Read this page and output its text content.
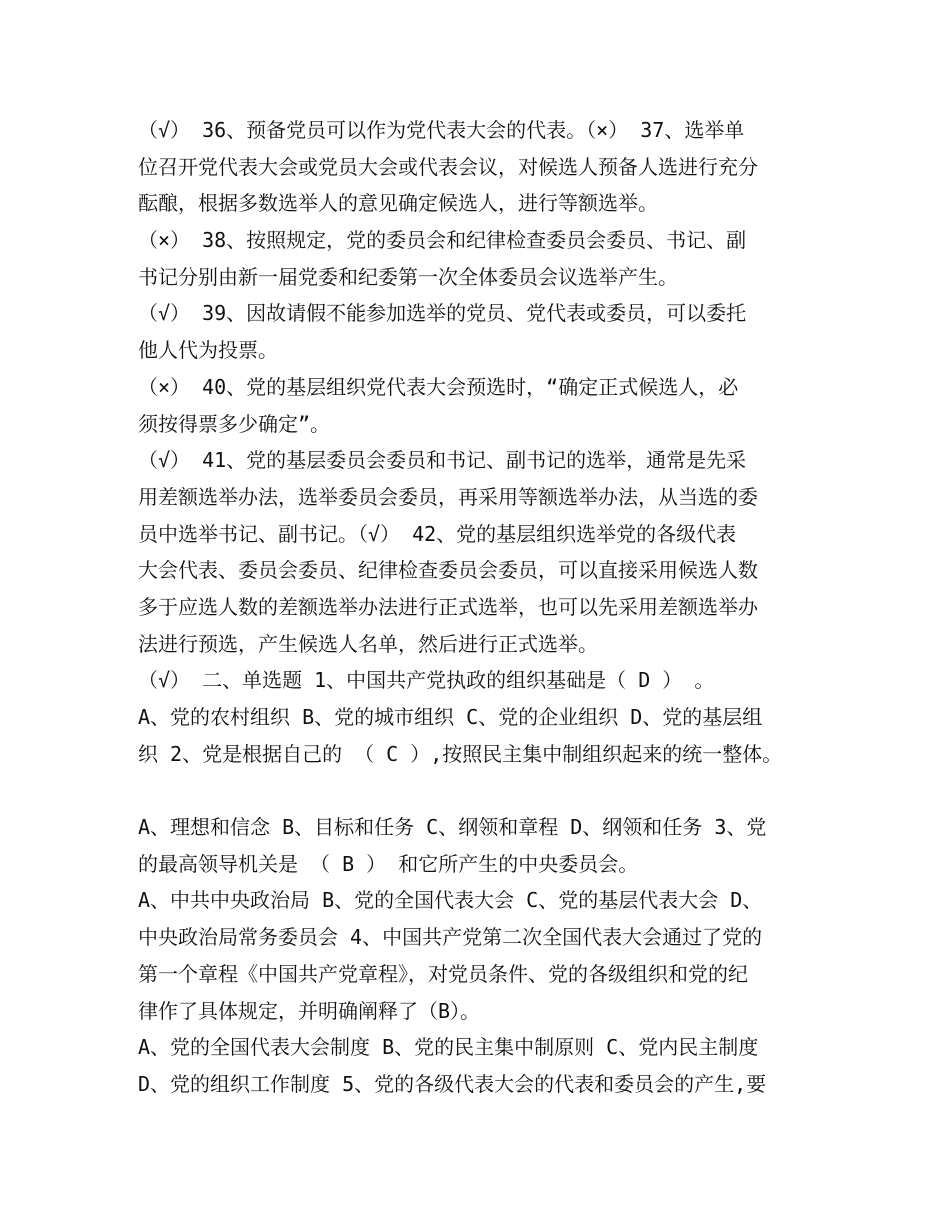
（√） 36、预备党员可以作为党代表大会的代表。（×） 37、选举单
位召开党代表大会或党员大会或代表会议，对候选人预备人选进行充分
酝酿，根据多数选举人的意见确定候选人，进行等额选举。
（×） 38、按照规定，党的委员会和纪律检查委员会委员、书记、副
书记分别由新一届党委和纪委第一次全体委员会议选举产生。
（√） 39、因故请假不能参加选举的党员、党代表或委员，可以委托
他人代为投票。
（×） 40、党的基层组织党代表大会预选时，“确定正式候选人，必
须按得票多少确定”。
（√） 41、党的基层委员会委员和书记、副书记的选举，通常是先采
用差额选举办法，选举委员会委员，再采用等额选举办法，从当选的委
员中选举书记、副书记。（√） 42、党的基层组织选举党的各级代表
大会代表、委员会委员、纪律检查委员会委员，可以直接采用候选人数
多于应选人数的差额选举办法进行正式选举，也可以先采用差额选举办
法进行预选，产生候选人名单，然后进行正式选举。
（√） 二、单选题 1、中国共产党执政的组织基础是（ D ） 。
A、党的农村组织 B、党的城市组织 C、党的企业组织 D、党的基层组
织 2、党是根据自己的 （ C ）,按照民主集中制组织起来的统一整体。
A、理想和信念 B、目标和任务 C、纲领和章程 D、纲领和任务 3、党
的最高领导机关是 （ B ） 和它所产生的中央委员会。
A、中共中央政治局 B、党的全国代表大会 C、党的基层代表大会 D、
中央政治局常务委员会 4、中国共产党第二次全国代表大会通过了党的
第一个章程《中国共产党章程》，对党员条件、党的各级组织和党的纪
律作了具体规定，并明确阐释了（B）。
A、党的全国代表大会制度 B、党的民主集中制原则 C、党内民主制度
D、党的组织工作制度 5、党的各级代表大会的代表和委员会的产生,要
